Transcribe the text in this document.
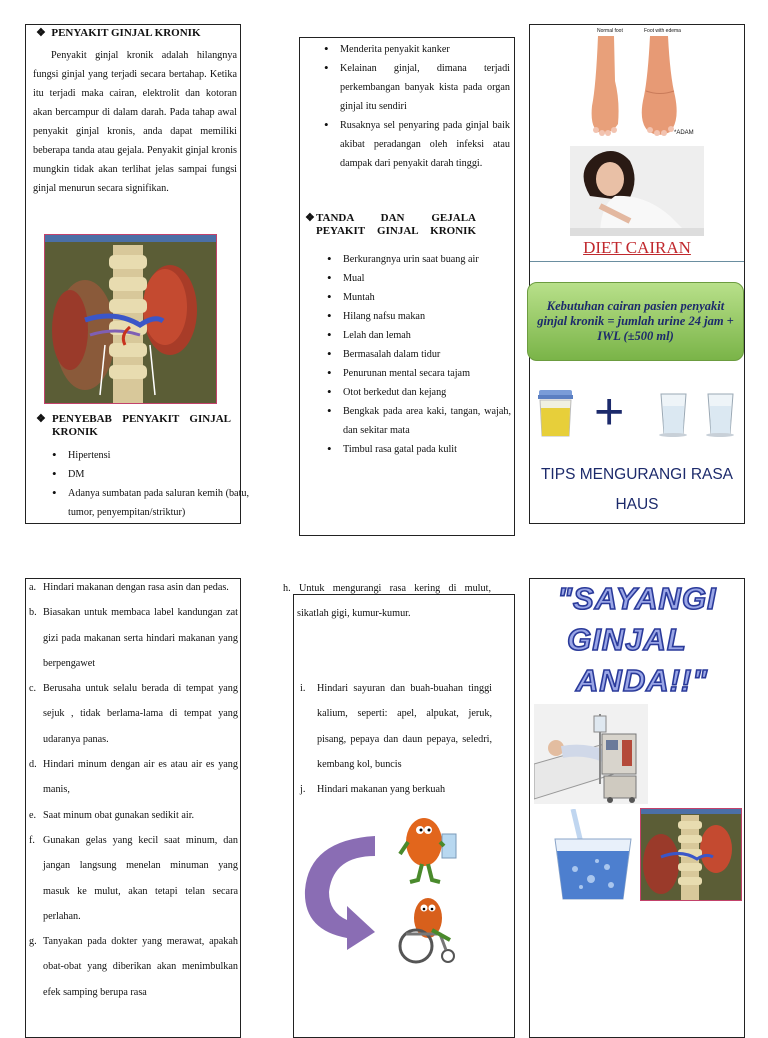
❖ PENYAKIT GINJAL KRONIK
Penyakit ginjal kronik adalah hilangnya fungsi ginjal yang terjadi secara bertahap. Ketika itu terjadi maka cairan, elektrolit dan kotoran akan bercampur di dalam darah. Pada tahap awal penyakit ginjal kronis, anda dapat memiliki beberapa tanda atau gejala. Penyakit ginjal kronis mungkin tidak akan terlihat jelas sampai fungsi ginjal menurun secara signifikan.
❖ PENYEBAB PENYAKIT GINJAL KRONIK
• Hipertensi
• DM
• Adanya sumbatan pada saluran kemih (batu, tumor, penyempitan/striktur)
• Menderita penyakit kanker
• Kelainan ginjal, dimana terjadi perkembangan banyak kista pada organ ginjal itu sendiri
• Rusaknya sel penyaring pada ginjal baik akibat peradangan oleh infeksi atau dampak dari penyakit darah tinggi.
❖ TANDA DAN GEJALA PEYAKIT GINJAL KRONIK
• Berkurangnya urin saat buang air
• Mual
• Muntah
• Hilang nafsu makan
• Lelah dan lemah
• Bermasalah dalam tidur
• Penurunan mental secara tajam
• Otot berkedut dan kejang
• Bengkak pada area kaki, tangan, wajah, dan sekitar mata
• Timbul rasa gatal pada kulit
Normal foot	Foot with edema
*ADAM
DIET CAIRAN
Kebutuhan cairan pasien penyakit ginjal kronik = jumlah urine 24 jam + IWL (±500 ml)
+
TIPS MENGURANGI RASA HAUS
a. Hindari makanan dengan rasa asin dan pedas.
b. Biasakan untuk membaca label kandungan zat gizi pada makanan serta hindari makanan yang berpengawet
c. Berusaha untuk selalu berada di tempat yang sejuk , tidak berlama-lama di tempat yang udaranya panas.
d. Hindari minum dengan air es atau air es yang manis,
e. Saat minum obat gunakan sedikit air.
f. Gunakan gelas yang kecil saat minum, dan jangan langsung menelan minuman yang masuk ke mulut, akan tetapi telan secara perlahan.
g. Tanyakan pada dokter yang merawat, apakah obat-obat yang diberikan akan menimbulkan efek samping berupa rasa
h. Untuk mengurangi rasa kering di mulut,
sikatlah gigi, kumur-kumur.
i.	Hindari sayuran dan buah-buahan tinggi kalium, seperti: apel, alpukat, jeruk, pisang, pepaya dan daun pepaya, seledri, kembang kol, buncis
j.	Hindari makanan yang berkuah
"SAYANGI
GINJAL
ANDA!!"
